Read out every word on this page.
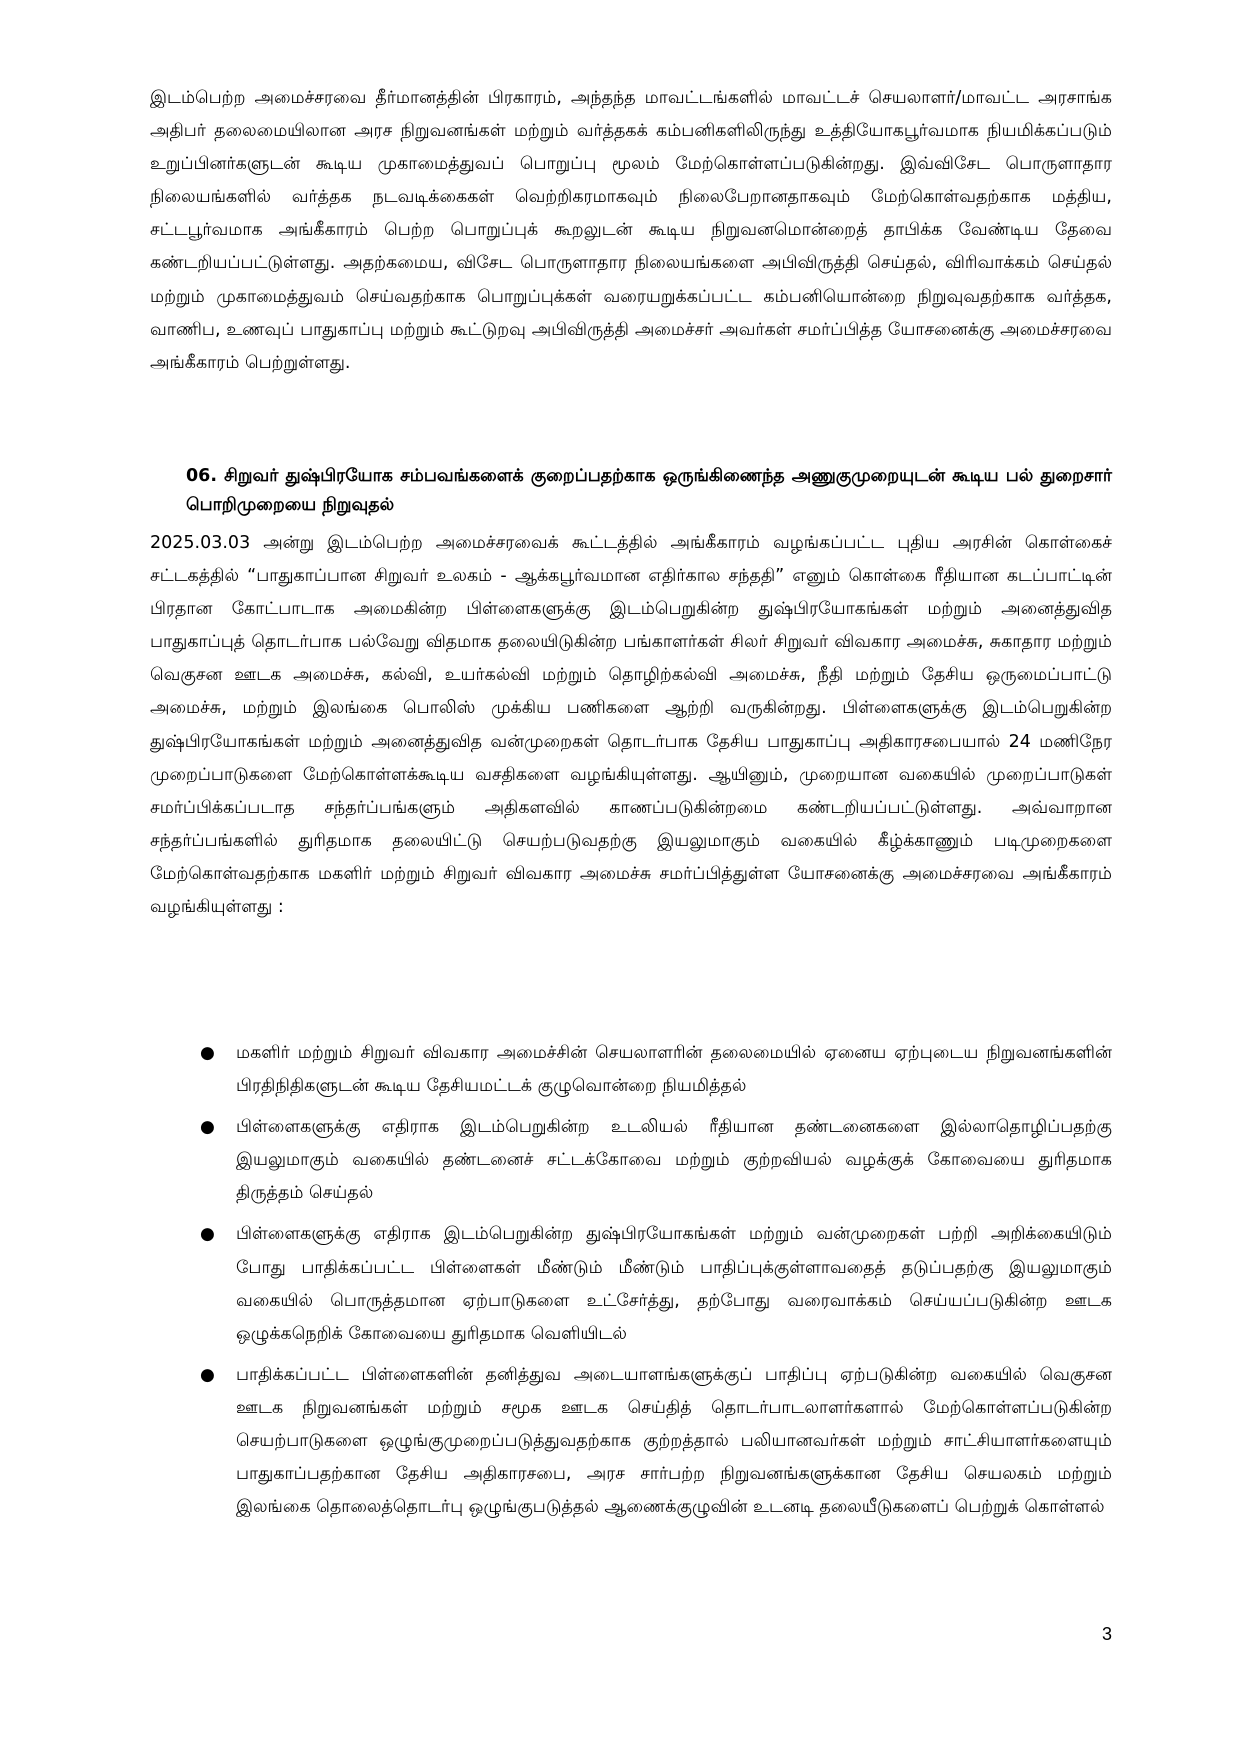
இடம்பெற்ற அமைச்சரவை தீர்மானத்தின் பிரகாரம், அந்தந்த மாவட்டங்களில் மாவட்டச் செயலாளர்/மாவட்ட அரசாங்க அதிபர் தலைமையிலான அரச நிறுவனங்கள் மற்றும் வர்த்தகக் கம்பனிகளிலிருந்து உத்தியோகபூர்வமாக நியமிக்கப்படும் உறுப்பினர்களுடன் கூடிய முகாமைத்துவப் பொறுப்பு மூலம் மேற்கொள்ளப்படுகின்றது. இவ்விசேட பொருளாதார நிலையங்களில் வர்த்தக நடவடிக்கைகள் வெற்றிகரமாகவும் நிலைபேறானதாகவும் மேற்கொள்வதற்காக மத்திய, சட்டபூர்வமாக அங்கீகாரம் பெற்ற பொறுப்புக் கூறலுடன் கூடிய நிறுவனமொன்றைத் தாபிக்க வேண்டிய தேவை கண்டறியப்பட்டுள்ளது. அதற்கமைய, விசேட பொருளாதார நிலையங்களை அபிவிருத்தி செய்தல், விரிவாக்கம் செய்தல் மற்றும் முகாமைத்துவம் செய்வதற்காக பொறுப்புக்கள் வரையறுக்கப்பட்ட கம்பனியொன்றை நிறுவுவதற்காக வர்த்தக, வாணிப, உணவுப் பாதுகாப்பு மற்றும் கூட்டுறவு அபிவிருத்தி அமைச்சர் அவர்கள் சமர்ப்பித்த யோசனைக்கு அமைச்சரவை அங்கீகாரம் பெற்றுள்ளது.

06. சிறுவர் துஷ்பிரயோக சம்பவங்களைக் குறைப்பதற்காக ஒருங்கிணைந்த அணுகுமுறையுடன் கூடிய பல் துறைசார் பொறிமுறையை நிறுவுதல்

2025.03.03 அன்று இடம்பெற்ற அமைச்சரவைக் கூட்டத்தில் அங்கீகாரம் வழங்கப்பட்ட புதிய அரசின் கொள்கைச் சட்டகத்தில் “பாதுகாப்பான சிறுவர் உலகம் - ஆக்கபூர்வமான எதிர்கால சந்ததி” எனும் கொள்கை ரீதியான கடப்பாட்டின் பிரதான கோட்பாடாக அமைகின்ற பிள்ளைகளுக்கு இடம்பெறுகின்ற துஷ்பிரயோகங்கள் மற்றும் அனைத்துவித பாதுகாப்புத் தொடர்பாக பல்வேறு விதமாக தலையிடுகின்ற பங்காளர்கள் சிலர் சிறுவர் விவகார அமைச்சு, சுகாதார மற்றும் வெகுசன ஊடக அமைச்சு, கல்வி, உயர்கல்வி மற்றும் தொழிற்கல்வி அமைச்சு, நீதி மற்றும் தேசிய ஒருமைப்பாட்டு அமைச்சு, மற்றும் இலங்கை பொலிஸ் முக்கிய பணிகளை ஆற்றி வருகின்றது. பிள்ளைகளுக்கு இடம்பெறுகின்ற துஷ்பிரயோகங்கள் மற்றும் அனைத்துவித வன்முறைகள் தொடர்பாக தேசிய பாதுகாப்பு அதிகாரசபையால் 24 மணிநேர முறைப்பாடுகளை மேற்கொள்ளக்கூடிய வசதிகளை வழங்கியுள்ளது. ஆயினும், முறையான வகையில் முறைப்பாடுகள் சமர்ப்பிக்கப்படாத சந்தர்ப்பங்களும் அதிகளவில் காணப்படுகின்றமை கண்டறியப்பட்டுள்ளது. அவ்வாறான சந்தர்ப்பங்களில் துரிதமாக தலையிட்டு செயற்படுவதற்கு இயலுமாகும் வகையில் கீழ்க்காணும் படிமுறைகளை மேற்கொள்வதற்காக மகளிர் மற்றும் சிறுவர் விவகார அமைச்சு சமர்ப்பித்துள்ள யோசனைக்கு அமைச்சரவை அங்கீகாரம் வழங்கியுள்ளது :

● மகளிர் மற்றும் சிறுவர் விவகார அமைச்சின் செயலாளரின் தலைமையில் ஏனைய ஏற்புடைய நிறுவனங்களின் பிரதிநிதிகளுடன் கூடிய தேசியமட்டக் குழுவொன்றை நியமித்தல்
● பிள்ளைகளுக்கு எதிராக இடம்பெறுகின்ற உடலியல் ரீதியான தண்டனைகளை இல்லாதொழிப்பதற்கு இயலுமாகும் வகையில் தண்டனைச் சட்டக்கோவை மற்றும் குற்றவியல் வழக்குக் கோவையை துரிதமாக திருத்தம் செய்தல்
● பிள்ளைகளுக்கு எதிராக இடம்பெறுகின்ற துஷ்பிரயோகங்கள் மற்றும் வன்முறைகள் பற்றி அறிக்கையிடும் போது பாதிக்கப்பட்ட பிள்ளைகள் மீண்டும் மீண்டும் பாதிப்புக்குள்ளாவதைத் தடுப்பதற்கு இயலுமாகும் வகையில் பொருத்தமான ஏற்பாடுகளை உட்சேர்த்து, தற்போது வரைவாக்கம் செய்யப்படுகின்ற ஊடக ஒழுக்கநெறிக் கோவையை துரிதமாக வெளியிடல்
● பாதிக்கப்பட்ட பிள்ளைகளின் தனித்துவ அடையாளங்களுக்குப் பாதிப்பு ஏற்படுகின்ற வகையில் வெகுசன ஊடக நிறுவனங்கள் மற்றும் சமூக ஊடக செய்தித் தொடர்பாடலாளர்களால் மேற்கொள்ளப்படுகின்ற செயற்பாடுகளை ஒழுங்குமுறைப்படுத்துவதற்காக குற்றத்தால் பலியானவர்கள் மற்றும் சாட்சியாளர்களையும் பாதுகாப்பதற்கான தேசிய அதிகாரசபை, அரச சார்பற்ற நிறுவனங்களுக்கான தேசிய செயலகம் மற்றும் இலங்கை தொலைத்தொடர்பு ஒழுங்குபடுத்தல் ஆணைக்குழுவின் உடனடி தலையீடுகளைப் பெற்றுக் கொள்ளல்
3
